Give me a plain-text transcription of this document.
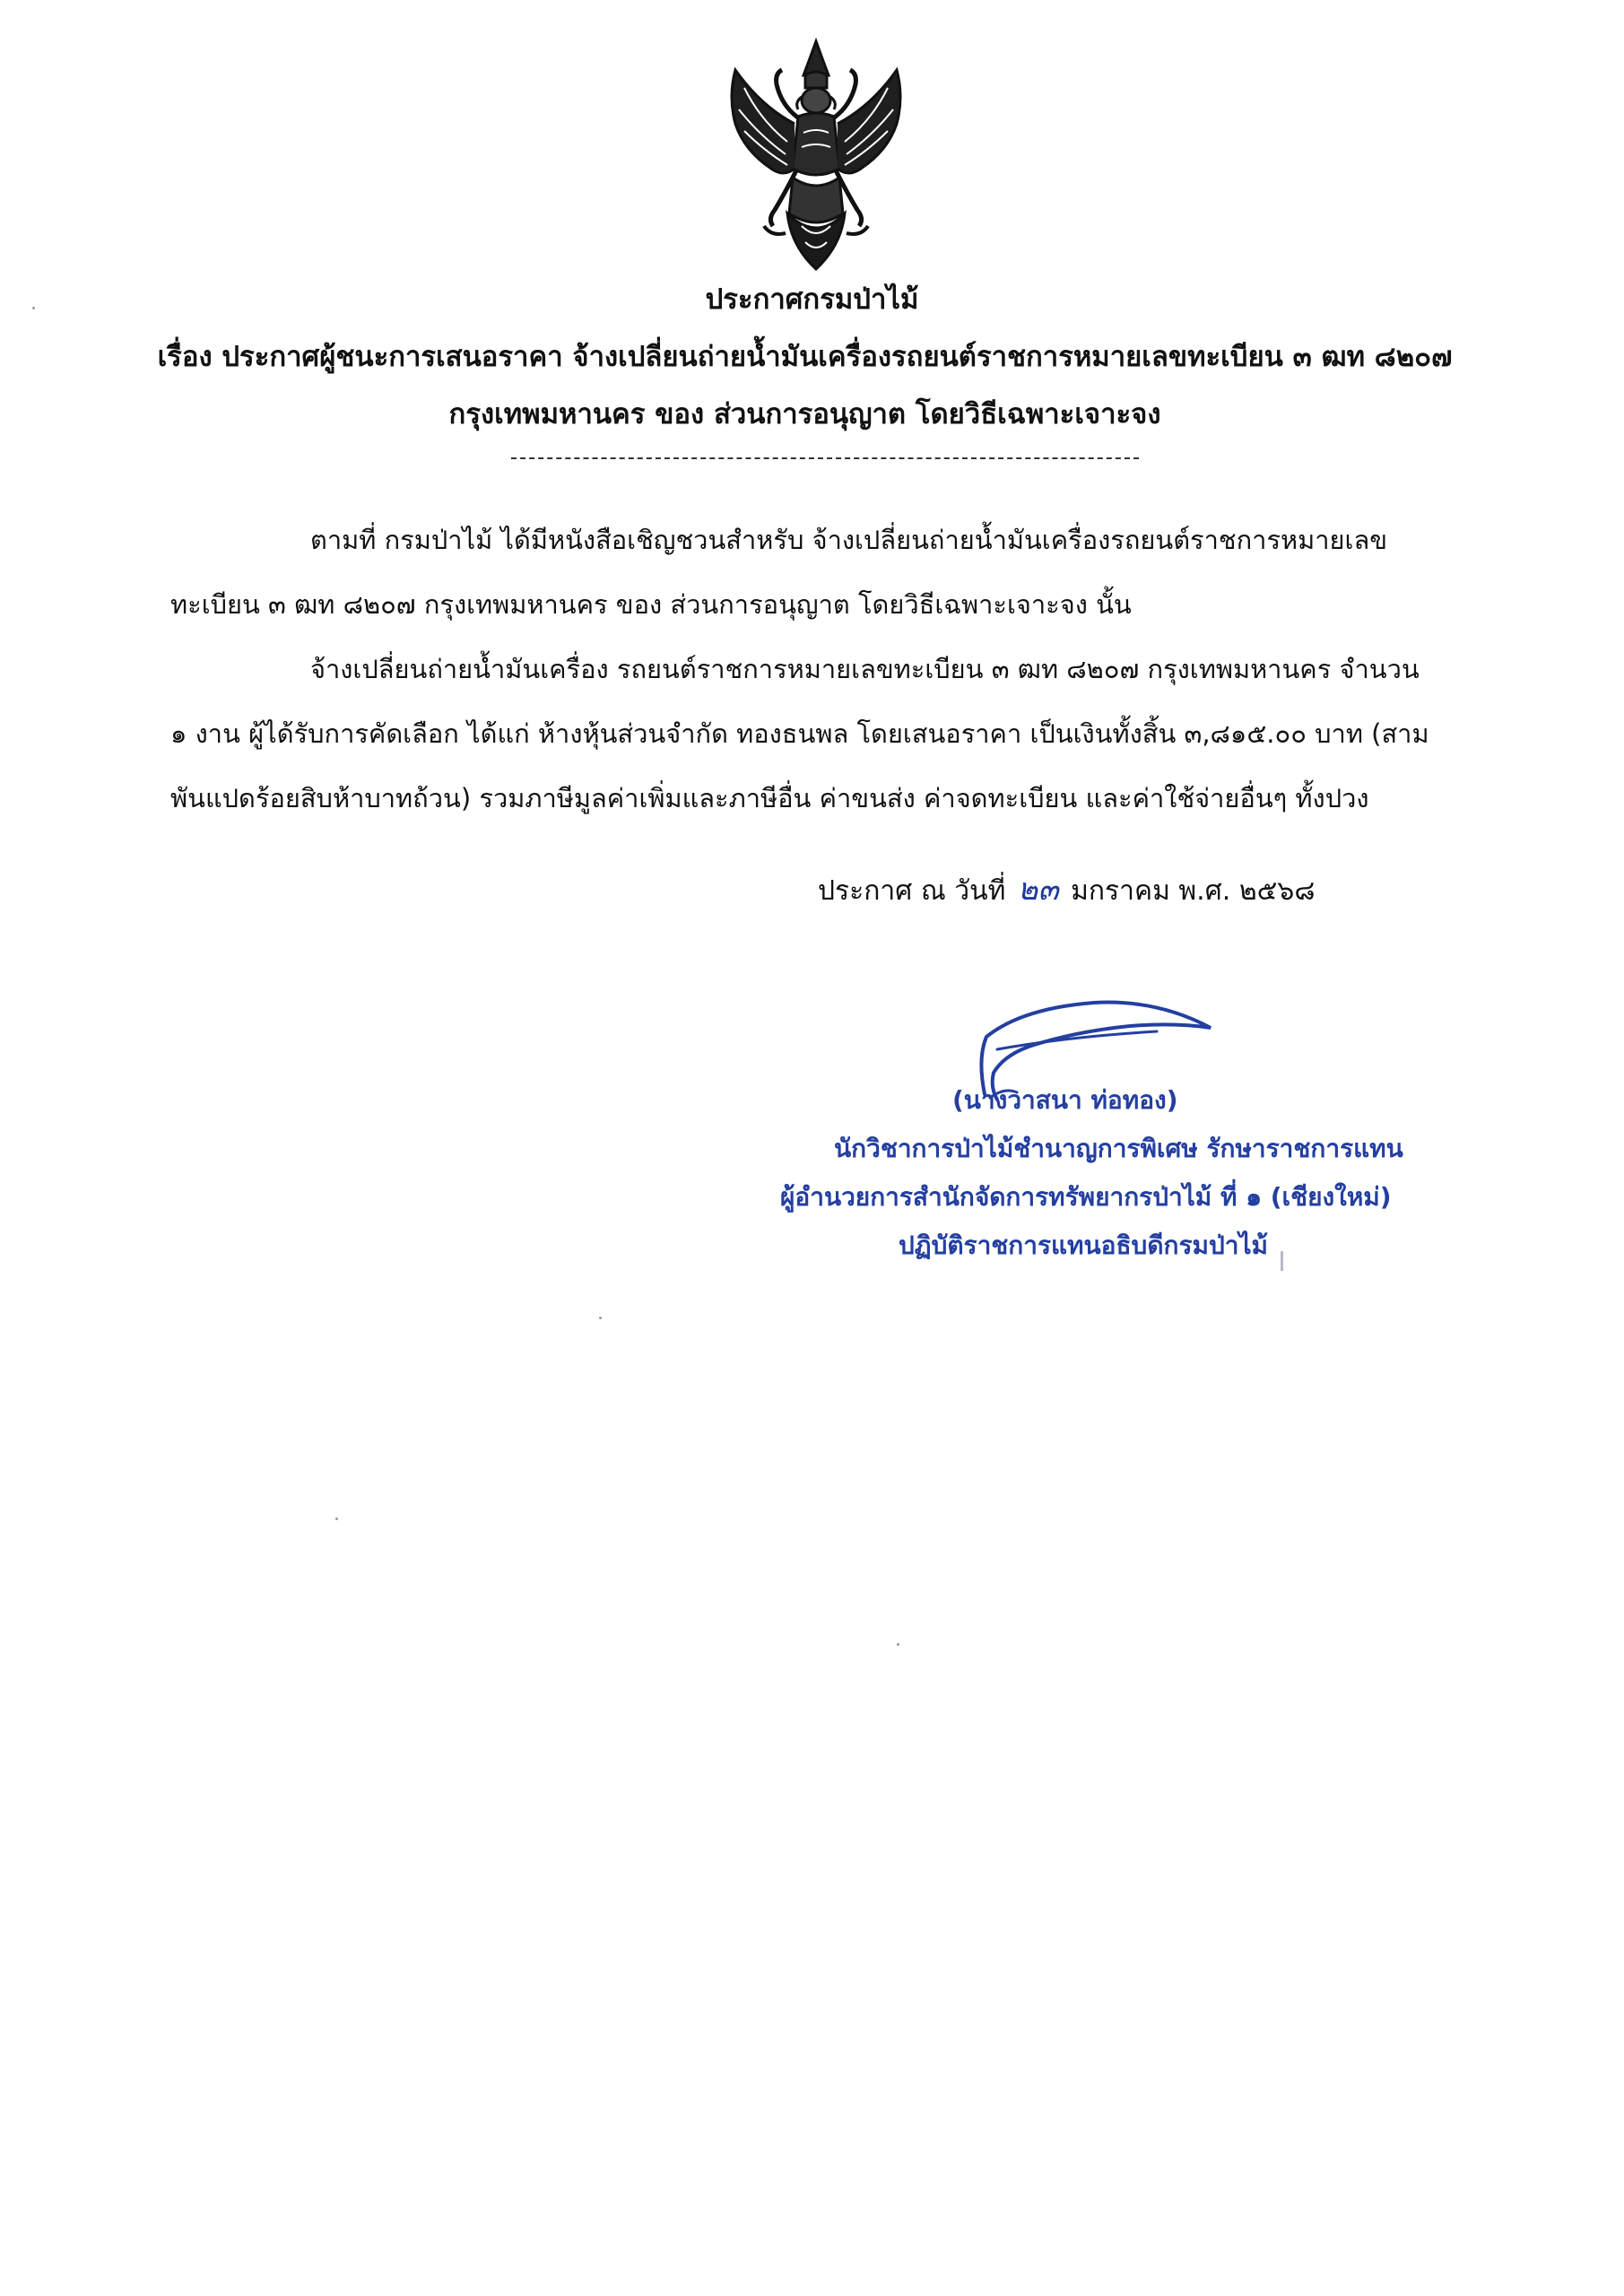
ประกาศกรมป่าไม้
เรื่อง ประกาศผู้ชนะการเสนอราคา จ้างเปลี่ยนถ่ายน้ำมันเครื่องรถยนต์ราชการหมายเลขทะเบียน ๓ ฒท ๘๒๐๗
กรุงเทพมหานคร ของ ส่วนการอนุญาต โดยวิธีเฉพาะเจาะจง
ตามที่ กรมป่าไม้ ได้มีหนังสือเชิญชวนสำหรับ จ้างเปลี่ยนถ่ายน้ำมันเครื่องรถยนต์ราชการหมายเลข
ทะเบียน ๓ ฒท ๘๒๐๗ กรุงเทพมหานคร ของ ส่วนการอนุญาต โดยวิธีเฉพาะเจาะจง นั้น
จ้างเปลี่ยนถ่ายน้ำมันเครื่อง รถยนต์ราชการหมายเลขทะเบียน ๓ ฒท ๘๒๐๗ กรุงเทพมหานคร จำนวน
๑ งาน ผู้ได้รับการคัดเลือก ได้แก่ ห้างหุ้นส่วนจำกัด ทองธนพล โดยเสนอราคา เป็นเงินทั้งสิ้น ๓,๘๑๕.๐๐ บาท (สาม
พันแปดร้อยสิบห้าบาทถ้วน) รวมภาษีมูลค่าเพิ่มและภาษีอื่น ค่าขนส่ง ค่าจดทะเบียน และค่าใช้จ่ายอื่นๆ ทั้งปวง
ประกาศ ณ วันที่ ๒๓ มกราคม พ.ศ. ๒๕๖๘
(นางวาสนา ท่อทอง)
นักวิชาการป่าไม้ชำนาญการพิเศษ รักษาราชการแทน
ผู้อำนวยการสำนักจัดการทรัพยากรป่าไม้ ที่ ๑ (เชียงใหม่)
ปฏิบัติราชการแทนอธิบดีกรมป่าไม้
